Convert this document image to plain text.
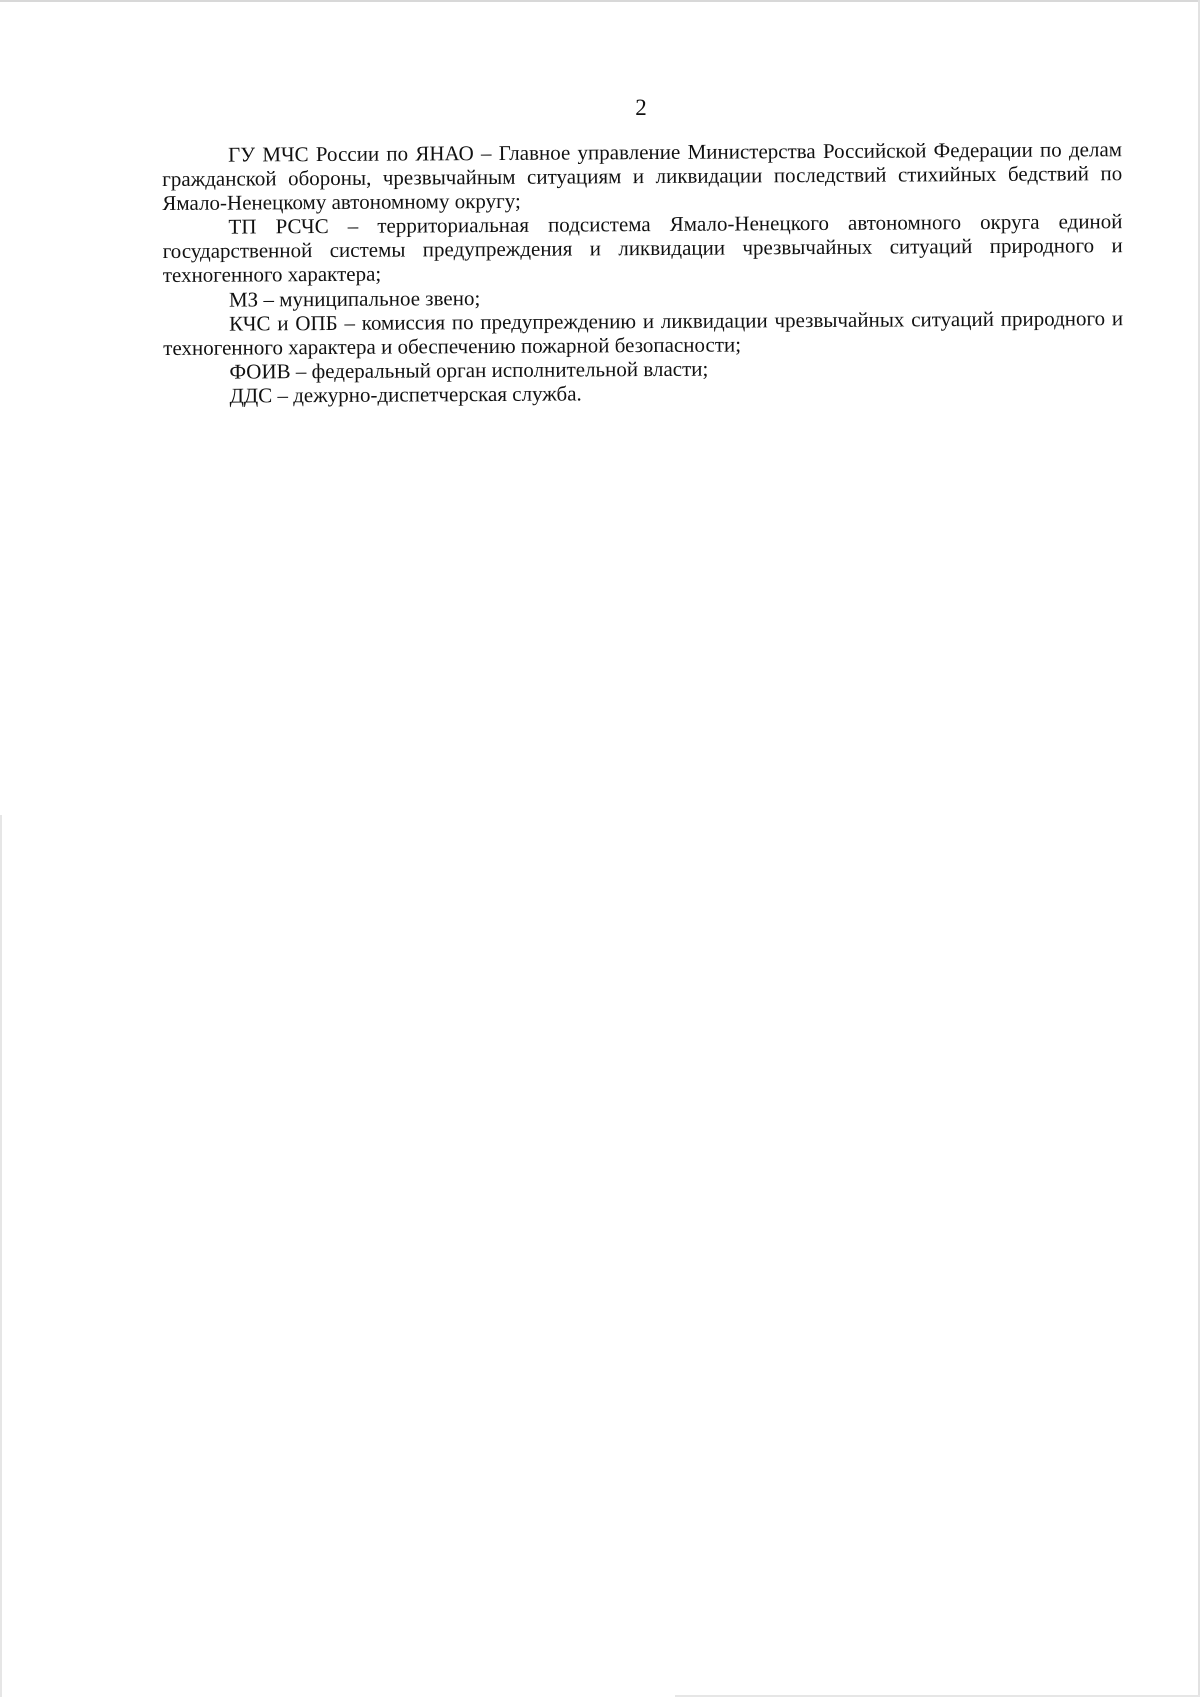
2

ГУ МЧС России по ЯНАО – Главное управление Министерства Российской Федерации по делам гражданской обороны, чрезвычайным ситуациям и ликвидации последствий стихийных бедствий по Ямало-Ненецкому автономному округу;

ТП РСЧС – территориальная подсистема Ямало-Ненецкого автономного округа единой государственной системы предупреждения и ликвидации чрезвычайных ситуаций природного и техногенного характера;

МЗ – муниципальное звено;

КЧС и ОПБ – комиссия по предупреждению и ликвидации чрезвычайных ситуаций природного и техногенного характера и обеспечению пожарной безопасности;

ФОИВ – федеральный орган исполнительной власти;

ДДС – дежурно-диспетчерская служба.
